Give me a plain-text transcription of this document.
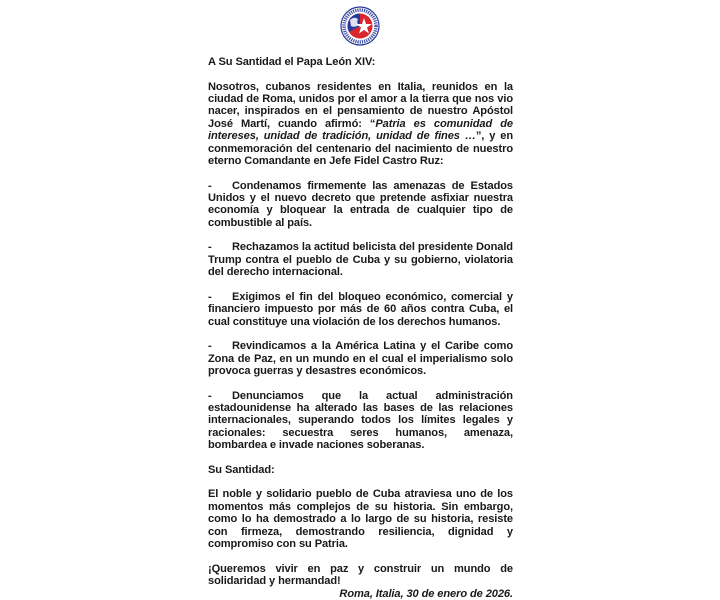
A Su Santidad el Papa León XIV:

Nosotros, cubanos residentes en Italia, reunidos en la ciudad de Roma, unidos por el amor a la tierra que nos vio nacer, inspirados en el pensamiento de nuestro Apóstol José Martí, cuando afirmó: “Patria es comunidad de intereses, unidad de tradición, unidad de fines …”, y en conmemoración del centenario del nacimiento de nuestro eterno Comandante en Jefe Fidel Castro Ruz:

- Condenamos firmemente las amenazas de Estados Unidos y el nuevo decreto que pretende asfixiar nuestra economía y bloquear la entrada de cualquier tipo de combustible al país.

- Rechazamos la actitud belicista del presidente Donald Trump contra el pueblo de Cuba y su gobierno, violatoria del derecho internacional.

- Exigimos el fin del bloqueo económico, comercial y financiero impuesto por más de 60 años contra Cuba, el cual constituye una violación de los derechos humanos.

- Revindicamos a la América Latina y el Caribe como Zona de Paz, en un mundo en el cual el imperialismo solo provoca guerras y desastres económicos.

- Denunciamos que la actual administración estadounidense ha alterado las bases de las relaciones internacionales, superando todos los límites legales y racionales: secuestra seres humanos, amenaza, bombardea e invade naciones soberanas.

Su Santidad:

El noble y solidario pueblo de Cuba atraviesa uno de los momentos más complejos de su historia. Sin embargo, como lo ha demostrado a lo largo de su historia, resiste con firmeza, demostrando resiliencia, dignidad y compromiso con su Patria.

¡Queremos vivir en paz y construir un mundo de solidaridad y hermandad!

Roma, Italia, 30 de enero de 2026.
